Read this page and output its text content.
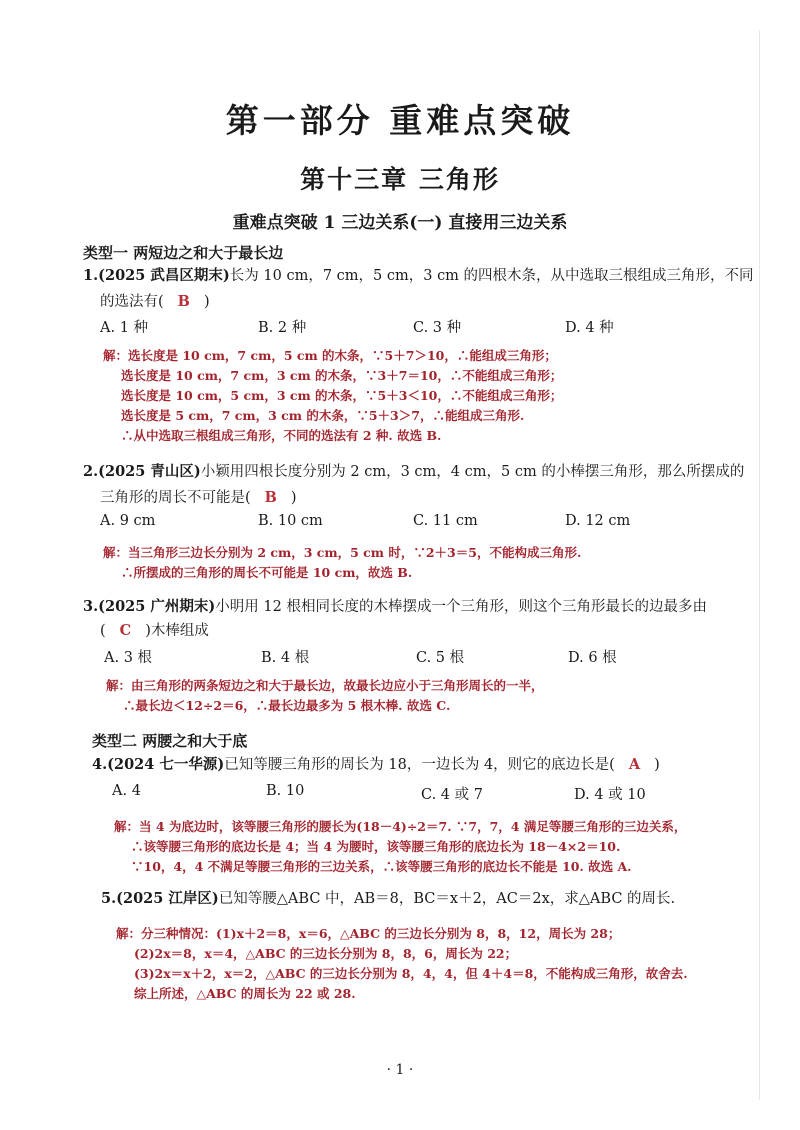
第一部分 重难点突破
第十三章 三角形
重难点突破 1 三边关系(一) 直接用三边关系
类型一 两短边之和大于最长边
1.(2025 武昌区期末)长为 10 cm，7 cm，5 cm，3 cm 的四根木条，从中选取三根组成三角形，不同
的选法有( B )
A. 1 种	B. 2 种	C. 3 种	D. 4 种
解：选长度是 10 cm，7 cm，5 cm 的木条，∵5＋7＞10，∴能组成三角形；
选长度是 10 cm，7 cm，3 cm 的木条，∵3＋7＝10，∴不能组成三角形；
选长度是 10 cm，5 cm，3 cm 的木条，∵5＋3＜10，∴不能组成三角形；
选长度是 5 cm，7 cm，3 cm 的木条，∵5＋3＞7，∴能组成三角形.
∴从中选取三根组成三角形，不同的选法有 2 种. 故选 B.
2.(2025 青山区)小颖用四根长度分别为 2 cm，3 cm，4 cm，5 cm 的小棒摆三角形，那么所摆成的
三角形的周长不可能是( B )
A. 9 cm	B. 10 cm	C. 11 cm	D. 12 cm
解：当三角形三边长分别为 2 cm，3 cm，5 cm 时，∵2＋3＝5，不能构成三角形.
∴所摆成的三角形的周长不可能是 10 cm，故选 B.
3.(2025 广州期末)小明用 12 根相同长度的木棒摆成一个三角形，则这个三角形最长的边最多由
( C )木棒组成
A. 3 根	B. 4 根	C. 5 根	D. 6 根
解：由三角形的两条短边之和大于最长边，故最长边应小于三角形周长的一半，
∴最长边＜12÷2＝6，∴最长边最多为 5 根木棒. 故选 C.
类型二 两腰之和大于底
4.(2024 七一华源)已知等腰三角形的周长为 18，一边长为 4，则它的底边长是( A )
A. 4	B. 10	C. 4 或 7	D. 4 或 10
解：当 4 为底边时，该等腰三角形的腰长为(18－4)÷2＝7. ∵7，7，4 满足等腰三角形的三边关系，
∴该等腰三角形的底边长是 4；当 4 为腰时，该等腰三角形的底边长为 18－4×2＝10.
∵10，4，4 不满足等腰三角形的三边关系，∴该等腰三角形的底边长不能是 10. 故选 A.
5.(2025 江岸区)已知等腰△ABC 中，AB＝8，BC＝x＋2，AC＝2x，求△ABC 的周长.
解：分三种情况：(1)x＋2＝8，x＝6，△ABC 的三边长分别为 8，8，12，周长为 28；
(2)2x＝8，x＝4，△ABC 的三边长分别为 8，8，6，周长为 22；
(3)2x＝x＋2，x＝2，△ABC 的三边长分别为 8，4，4，但 4＋4＝8，不能构成三角形，故舍去.
综上所述，△ABC 的周长为 22 或 28.
· 1 ·
